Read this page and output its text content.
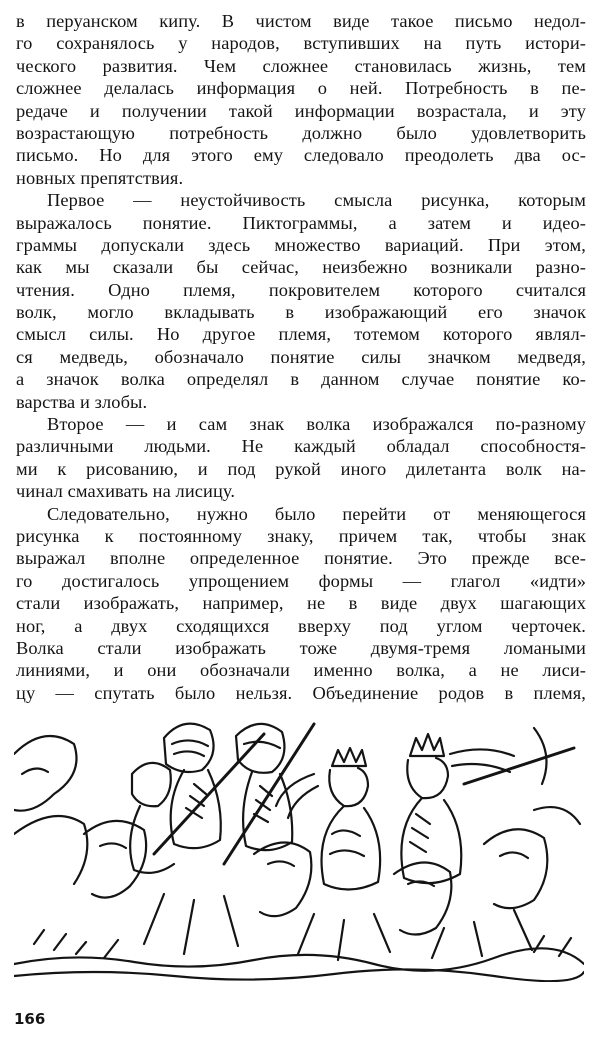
в перуанском кипу. В чистом виде такое письмо недол-
го сохранялось у народов, вступивших на путь истори-
ческого развития. Чем сложнее становилась жизнь, тем
сложнее делалась информация о ней. Потребность в пе-
редаче и получении такой информации возрастала, и эту
возрастающую потребность должно было удовлетворить
письмо. Но для этого ему следовало преодолеть два ос-
новных препятствия.
Первое — неустойчивость смысла рисунка, которым
выражалось понятие. Пиктограммы, а затем и идео-
граммы допускали здесь множество вариаций. При этом,
как мы сказали бы сейчас, неизбежно возникали разно-
чтения. Одно племя, покровителем которого считался
волк, могло вкладывать в изображающий его значок
смысл силы. Но другое племя, тотемом которого являл-
ся медведь, обозначало понятие силы значком медведя,
а значок волка определял в данном случае понятие ко-
варства и злобы.
Второе — и сам знак волка изображался по-разному
различными людьми. Не каждый обладал способностя-
ми к рисованию, и под рукой иного дилетанта волк на-
чинал смахивать на лисицу.
Следовательно, нужно было перейти от меняющегося
рисунка к постоянному знаку, причем так, чтобы знак
выражал вполне определенное понятие. Это прежде все-
го достигалось упрощением формы — глагол «идти»
стали изображать, например, не в виде двух шагающих
ног, а двух сходящихся вверху под углом черточек.
Волка стали изображать тоже двумя-тремя ломаными
линиями, и они обозначали именно волка, а не лиси-
цу — спутать было нельзя. Объединение родов в племя,
166
